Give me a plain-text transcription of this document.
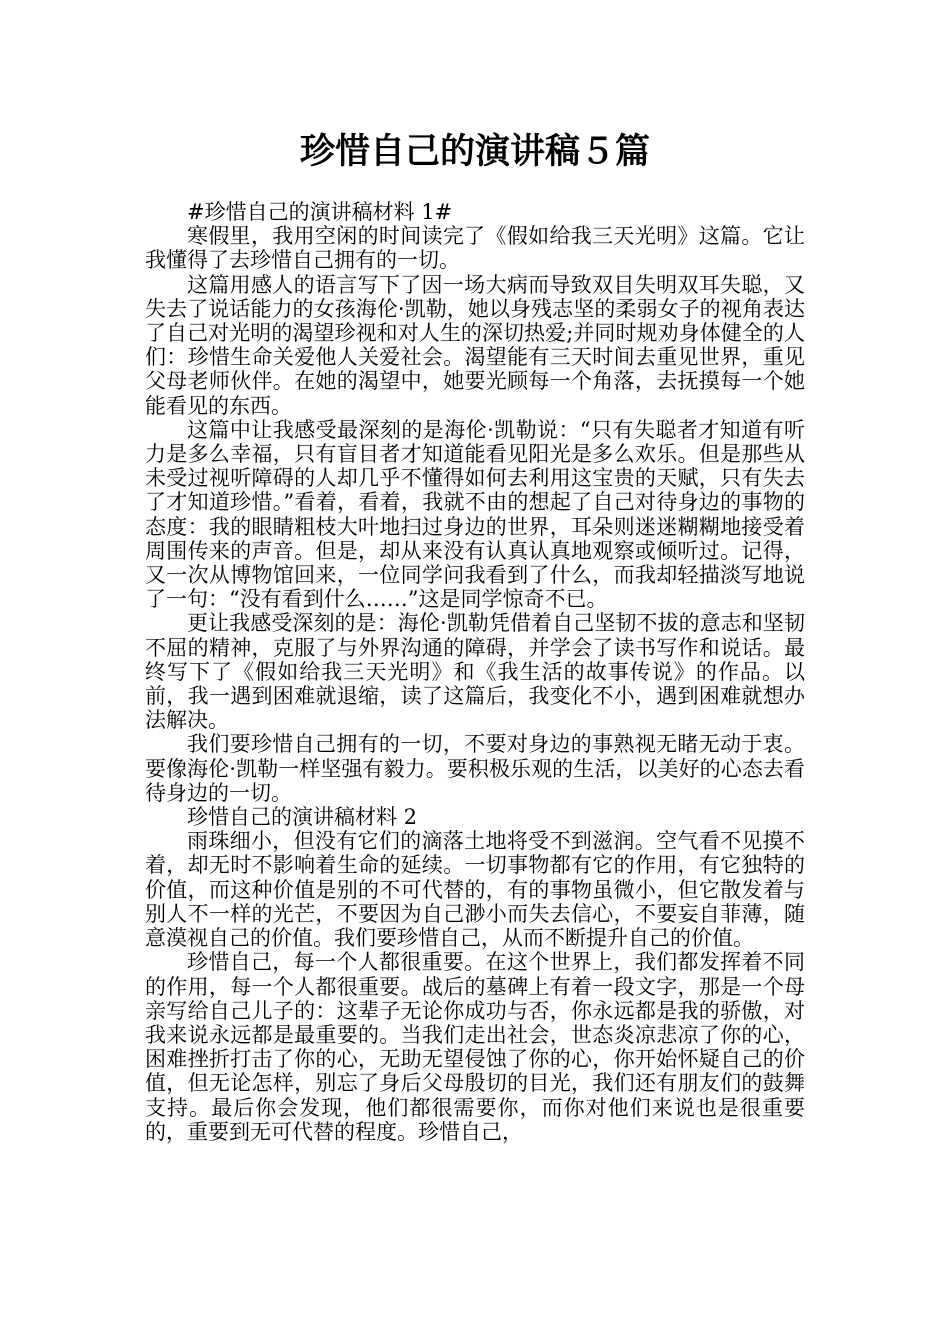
珍惜自己的演讲稿５篇

#珍惜自己的演讲稿材料 1#

寒假里，我用空闲的时间读完了《假如给我三天光明》这篇。它让我懂得了去珍惜自己拥有的一切。

这篇用感人的语言写下了因一场大病而导致双目失明双耳失聪，又失去了说话能力的女孩海伦·凯勒，她以身残志坚的柔弱女子的视角表达了自己对光明的渴望珍视和对人生的深切热爱;并同时规劝身体健全的人们：珍惜生命关爱他人关爱社会。渴望能有三天时间去重见世界，重见父母老师伙伴。在她的渴望中，她要光顾每一个角落，去抚摸每一个她能看见的东西。

这篇中让我感受最深刻的是海伦·凯勒说：“只有失聪者才知道有听力是多么幸福，只有盲目者才知道能看见阳光是多么欢乐。但是那些从未受过视听障碍的人却几乎不懂得如何去利用这宝贵的天赋，只有失去了才知道珍惜。”看着，看着，我就不由的想起了自己对待身边的事物的态度：我的眼睛粗枝大叶地扫过身边的世界，耳朵则迷迷糊糊地接受着周围传来的声音。但是，却从来没有认真认真地观察或倾听过。记得，又一次从博物馆回来，一位同学问我看到了什么，而我却轻描淡写地说了一句：“没有看到什么……”这是同学惊奇不已。

更让我感受深刻的是：海伦·凯勒凭借着自己坚韧不拔的意志和坚韧不屈的精神，克服了与外界沟通的障碍，并学会了读书写作和说话。最终写下了《假如给我三天光明》和《我生活的故事传说》的作品。以前，我一遇到困难就退缩，读了这篇后，我变化不小，遇到困难就想办法解决。

我们要珍惜自己拥有的一切，不要对身边的事熟视无睹无动于衷。要像海伦·凯勒一样坚强有毅力。要积极乐观的生活，以美好的心态去看待身边的一切。

珍惜自己的演讲稿材料 2

雨珠细小，但没有它们的滴落土地将受不到滋润。空气看不见摸不着，却无时不影响着生命的延续。一切事物都有它的作用，有它独特的价值，而这种价值是别的不可代替的，有的事物虽微小，但它散发着与别人不一样的光芒，不要因为自己渺小而失去信心，不要妄自菲薄，随意漠视自己的价值。我们要珍惜自己，从而不断提升自己的价值。

珍惜自己，每一个人都很重要。在这个世界上，我们都发挥着不同的作用，每一个人都很重要。战后的墓碑上有着一段文字，那是一个母亲写给自己儿子的：这辈子无论你成功与否，你永远都是我的骄傲，对我来说永远都是最重要的。当我们走出社会，世态炎凉悲凉了你的心，困难挫折打击了你的心，无助无望侵蚀了你的心，你开始怀疑自己的价值，但无论怎样，别忘了身后父母殷切的目光，我们还有朋友们的鼓舞支持。最后你会发现，他们都很需要你，而你对他们来说也是很重要的，重要到无可代替的程度。珍惜自己，
